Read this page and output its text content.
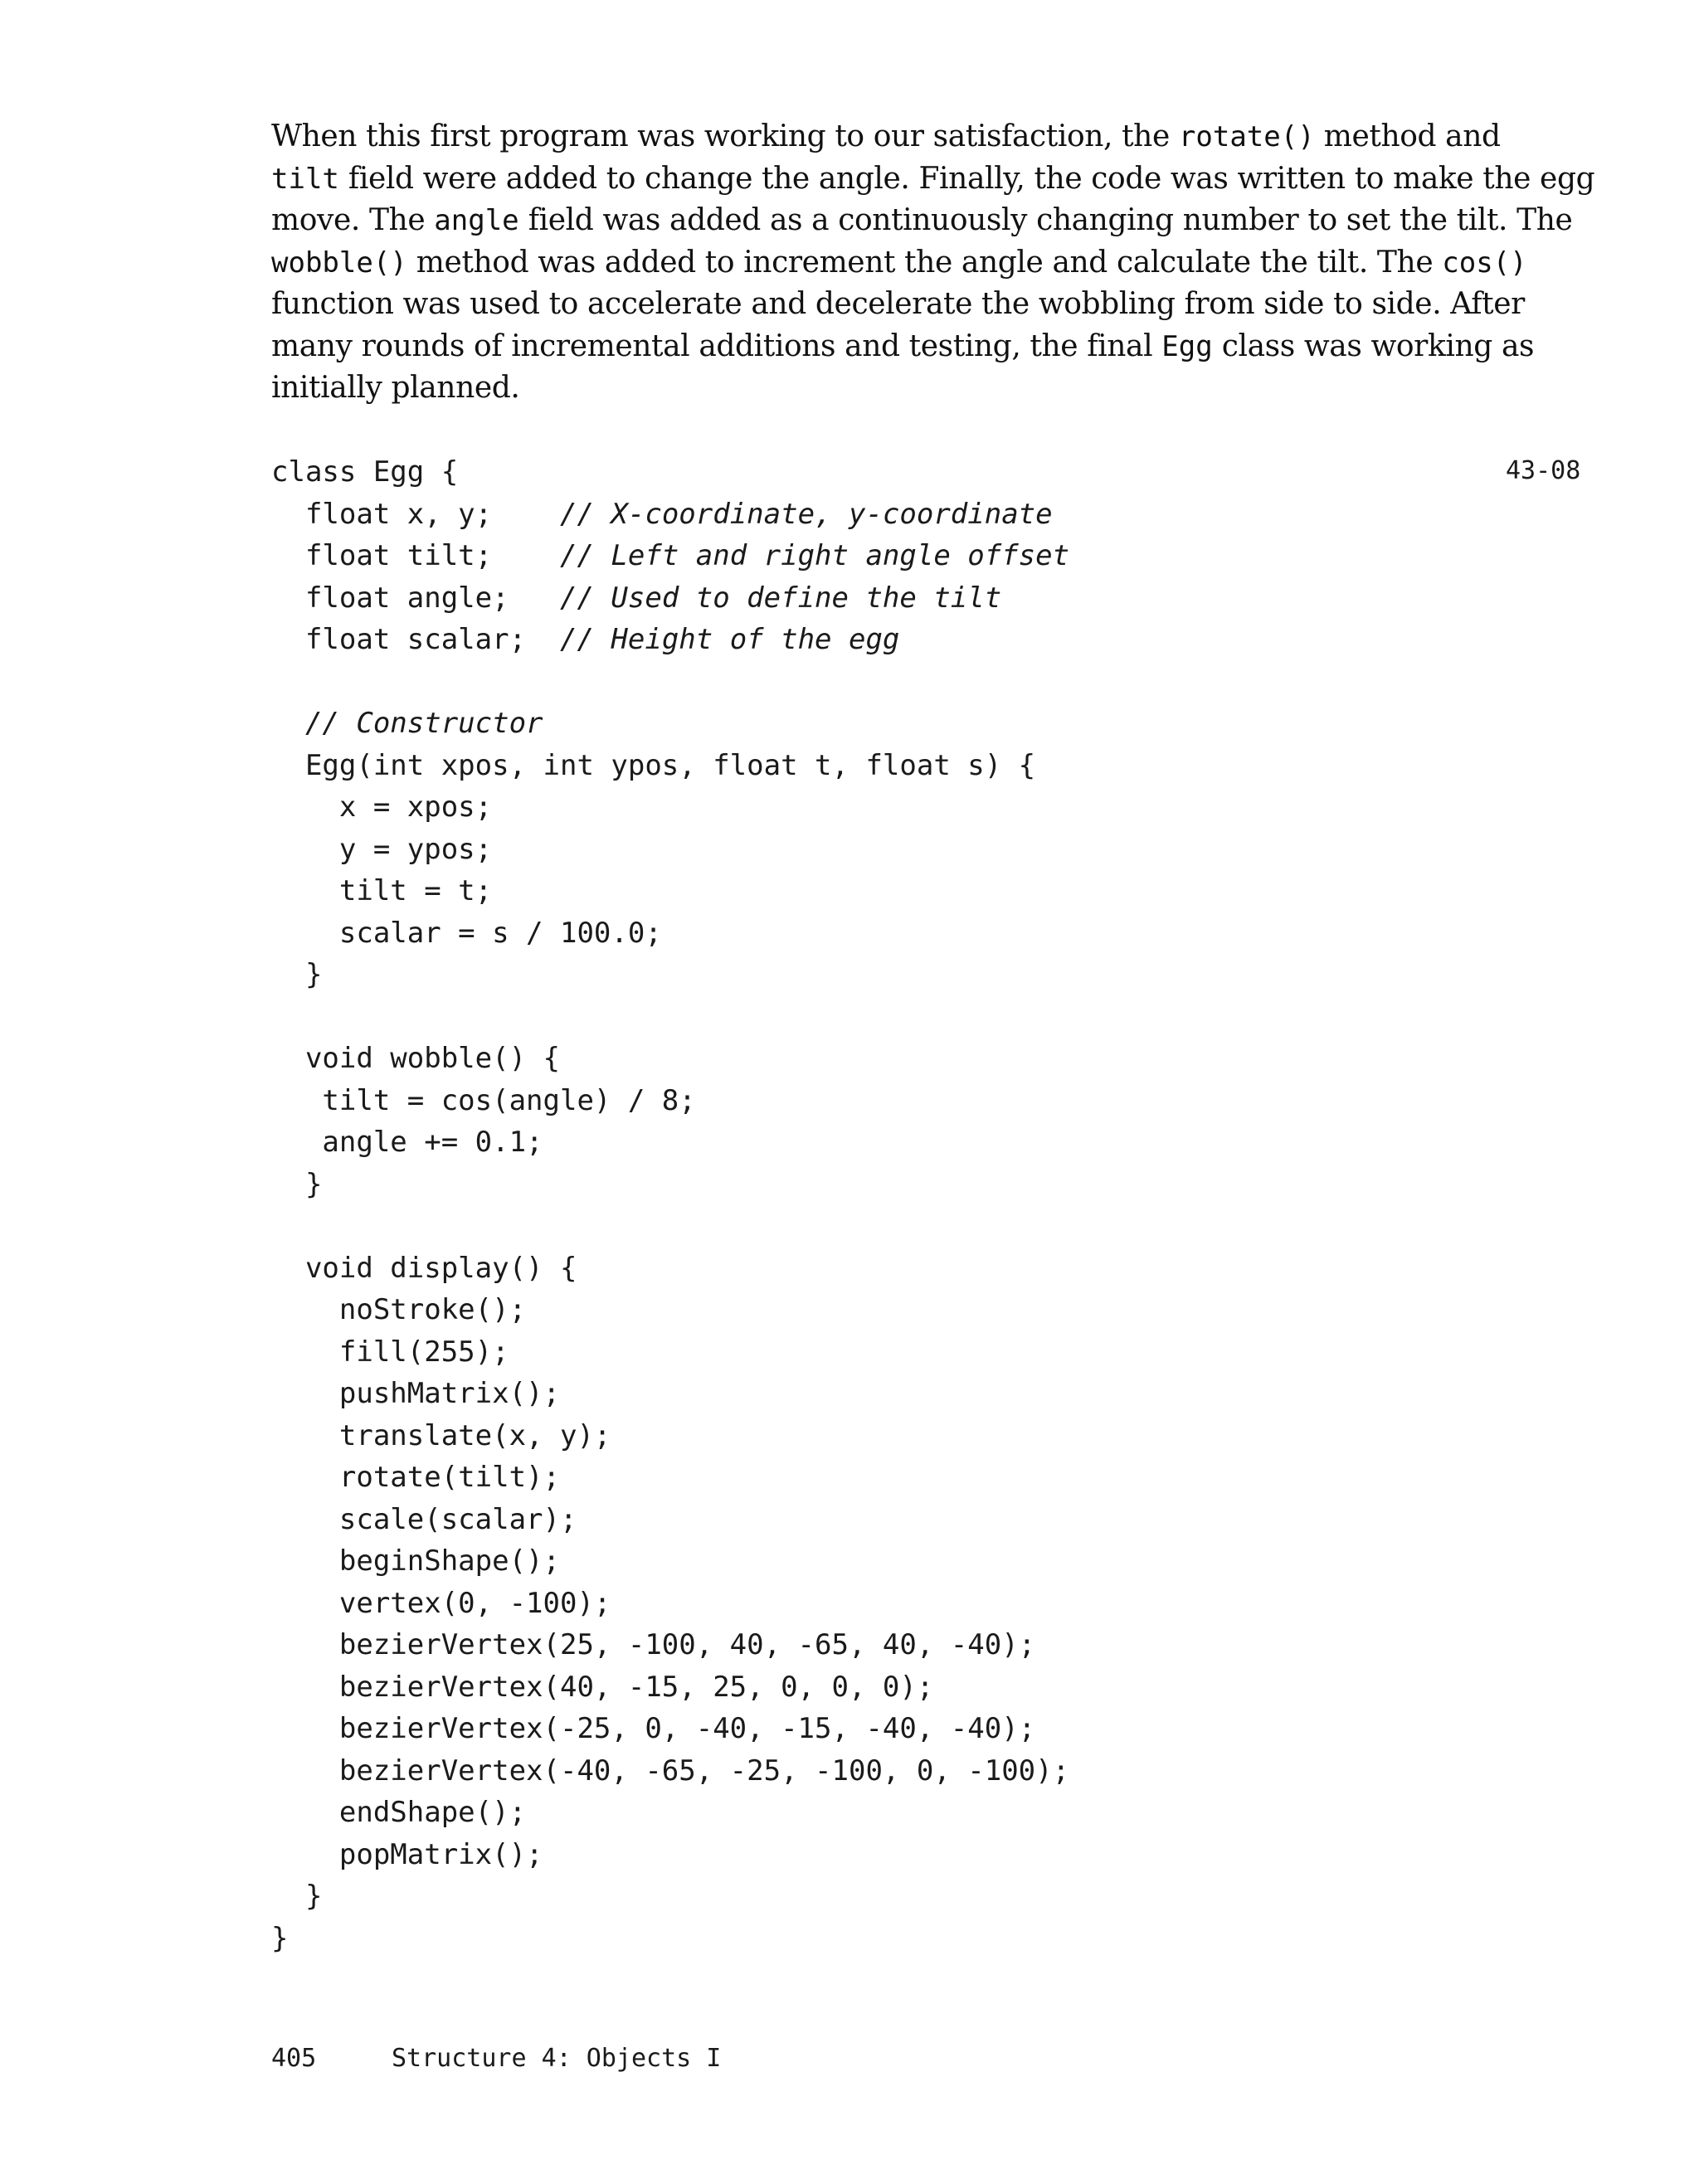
When this first program was working to our satisfaction, the rotate() method and
tilt field were added to change the angle. Finally, the code was written to make the egg
move. The angle field was added as a continuously changing number to set the tilt. The
wobble() method was added to increment the angle and calculate the tilt. The cos()
function was used to accelerate and decelerate the wobbling from side to side. After
many rounds of incremental additions and testing, the final Egg class was working as
initially planned.
43-08
class Egg {
float x, y;    // X-coordinate, y-coordinate
float tilt;    // Left and right angle offset
float angle;   // Used to define the tilt
float scalar;  // Height of the egg
// Constructor
Egg(int xpos, int ypos, float t, float s) {
x = xpos;
y = ypos;
tilt = t;
scalar = s / 100.0;
}
void wobble() {
tilt = cos(angle) / 8;
angle += 0.1;
}
void display() {
noStroke();
fill(255);
pushMatrix();
translate(x, y);
rotate(tilt);
scale(scalar);
beginShape();
vertex(0, -100);
bezierVertex(25, -100, 40, -65, 40, -40);
bezierVertex(40, -15, 25, 0, 0, 0);
bezierVertex(-25, 0, -40, -15, -40, -40);
bezierVertex(-40, -65, -25, -100, 0, -100);
endShape();
popMatrix();
}
}
405	Structure 4: Objects I
